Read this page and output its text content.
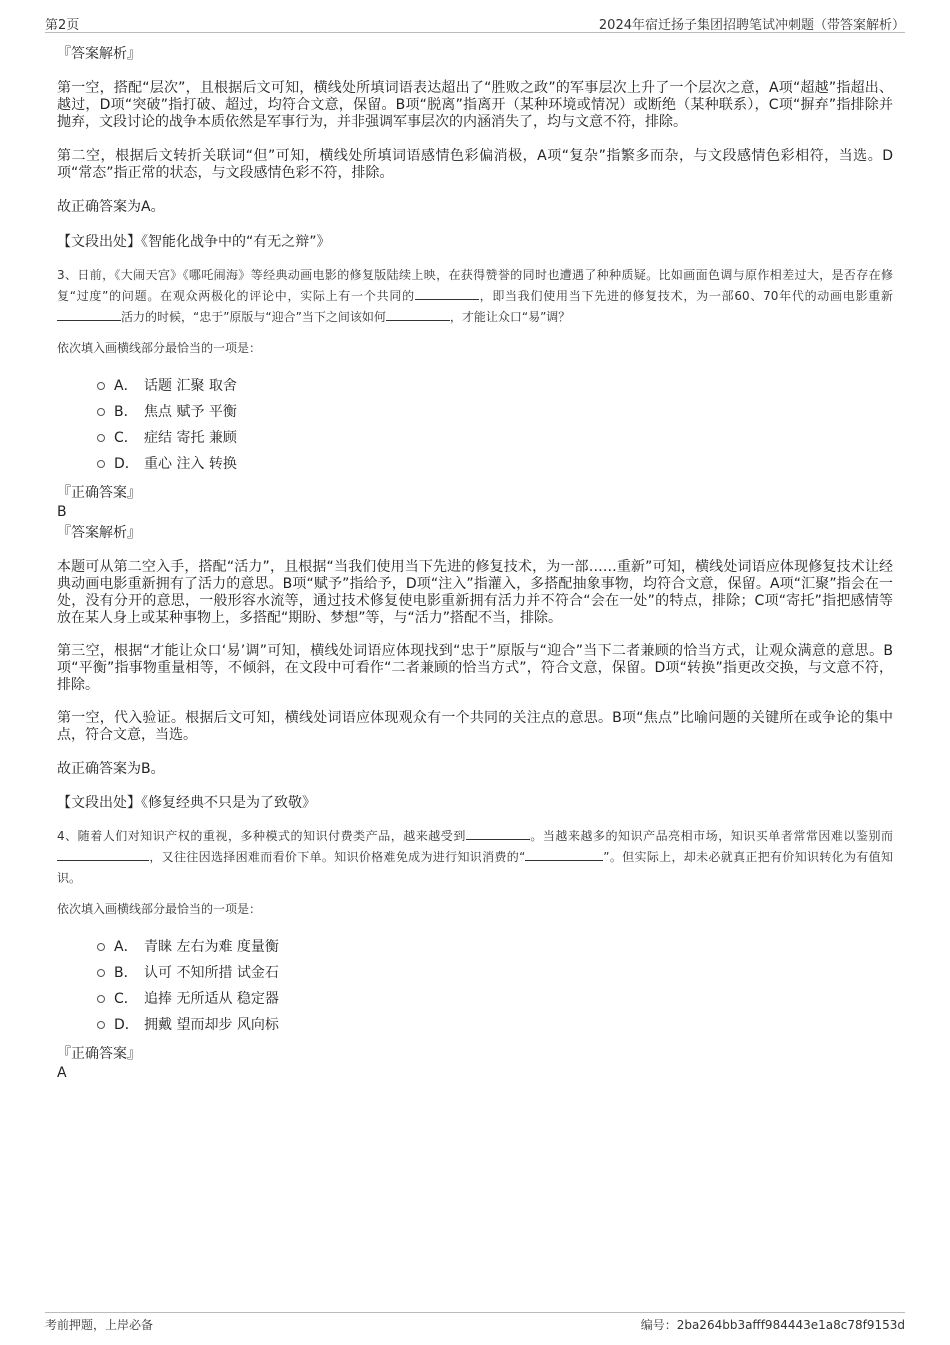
第2页	2024年宿迁扬子集团招聘笔试冲刺题（带答案解析）

『答案解析』

第一空，搭配“层次”，且根据后文可知，横线处所填词语表达超出了“胜败之政”的军事层次上升了一个层次之意，A项“超越”指超出、越过，D项“突破”指打破、超过，均符合文意，保留。B项“脱离”指离开（某种环境或情况）或断绝（某种联系），C项“摒弃”指排除并抛弃，文段讨论的战争本质依然是军事行为，并非强调军事层次的内涵消失了，均与文意不符，排除。

第二空，根据后文转折关联词“但”可知，横线处所填词语感情色彩偏消极，A项“复杂”指繁多而杂，与文段感情色彩相符，当选。D项“常态”指正常的状态，与文段感情色彩不符，排除。

故正确答案为A。

【文段出处】《智能化战争中的“有无之辩”》

3、日前，《大闹天宫》《哪吒闹海》等经典动画电影的修复版陆续上映，在获得赞誉的同时也遭遇了种种质疑。比如画面色调与原作相差过大，是否存在修复“过度”的问题。在观众两极化的评论中，实际上有一个共同的	，即当我们使用当下先进的修复技术，为一部60、70年代的动画电影重新活力的时候，“忠于”原版与“迎合”当下之间该如何	，才能让众口“易”调？

依次填入画横线部分最恰当的一项是：

A． 话题 汇聚 取舍
B． 焦点 赋予 平衡
C． 症结 寄托 兼顾
D． 重心 注入 转换

『正确答案』

B

『答案解析』

本题可从第二空入手，搭配“活力”，且根据“当我们使用当下先进的修复技术，为一部……重新”可知，横线处词语应体现修复技术让经典动画电影重新拥有了活力的意思。B项“赋予”指给予，D项“注入”指灌入，多搭配抽象事物，均符合文意，保留。A项“汇聚”指会在一处，没有分开的意思，一般形容水流等，通过技术修复使电影重新拥有活力并不符合“会在一处”的特点，排除；C项“寄托”指把感情等放在某人身上或某种事物上，多搭配“期盼、梦想”等，与“活力”搭配不当，排除。

第三空，根据“才能让众口‘易’调”可知，横线处词语应体现找到“忠于”原版与“迎合”当下二者兼顾的恰当方式，让观众满意的意思。B项“平衡”指事物重量相等，不倾斜，在文段中可看作“二者兼顾的恰当方式”，符合文意，保留。D项“转换”指更改交换，与文意不符，排除。

第一空，代入验证。根据后文可知，横线处词语应体现观众有一个共同的关注点的意思。B项“焦点”比喻问题的关键所在或争论的集中点，符合文意，当选。

故正确答案为B。

【文段出处】《修复经典不只是为了致敬》

4、随着人们对知识产权的重视，多种模式的知识付费类产品，越来越受到	。当越来越多的知识产品亮相市场，知识买单者常常因难以鉴别而，又往往因选择困难而看价下单。知识价格难免成为进行知识消费的“	”。但实际上，却未必就真正把有价知识转化为有值知识。

依次填入画横线部分最恰当的一项是：

A． 青睐 左右为难 度量衡
B． 认可 不知所措 试金石
C． 追捧 无所适从 稳定器
D． 拥戴 望而却步 风向标

『正确答案』

A

考前押题，上岸必备	编号：2ba264bb3afff984443e1a8c78f9153d
